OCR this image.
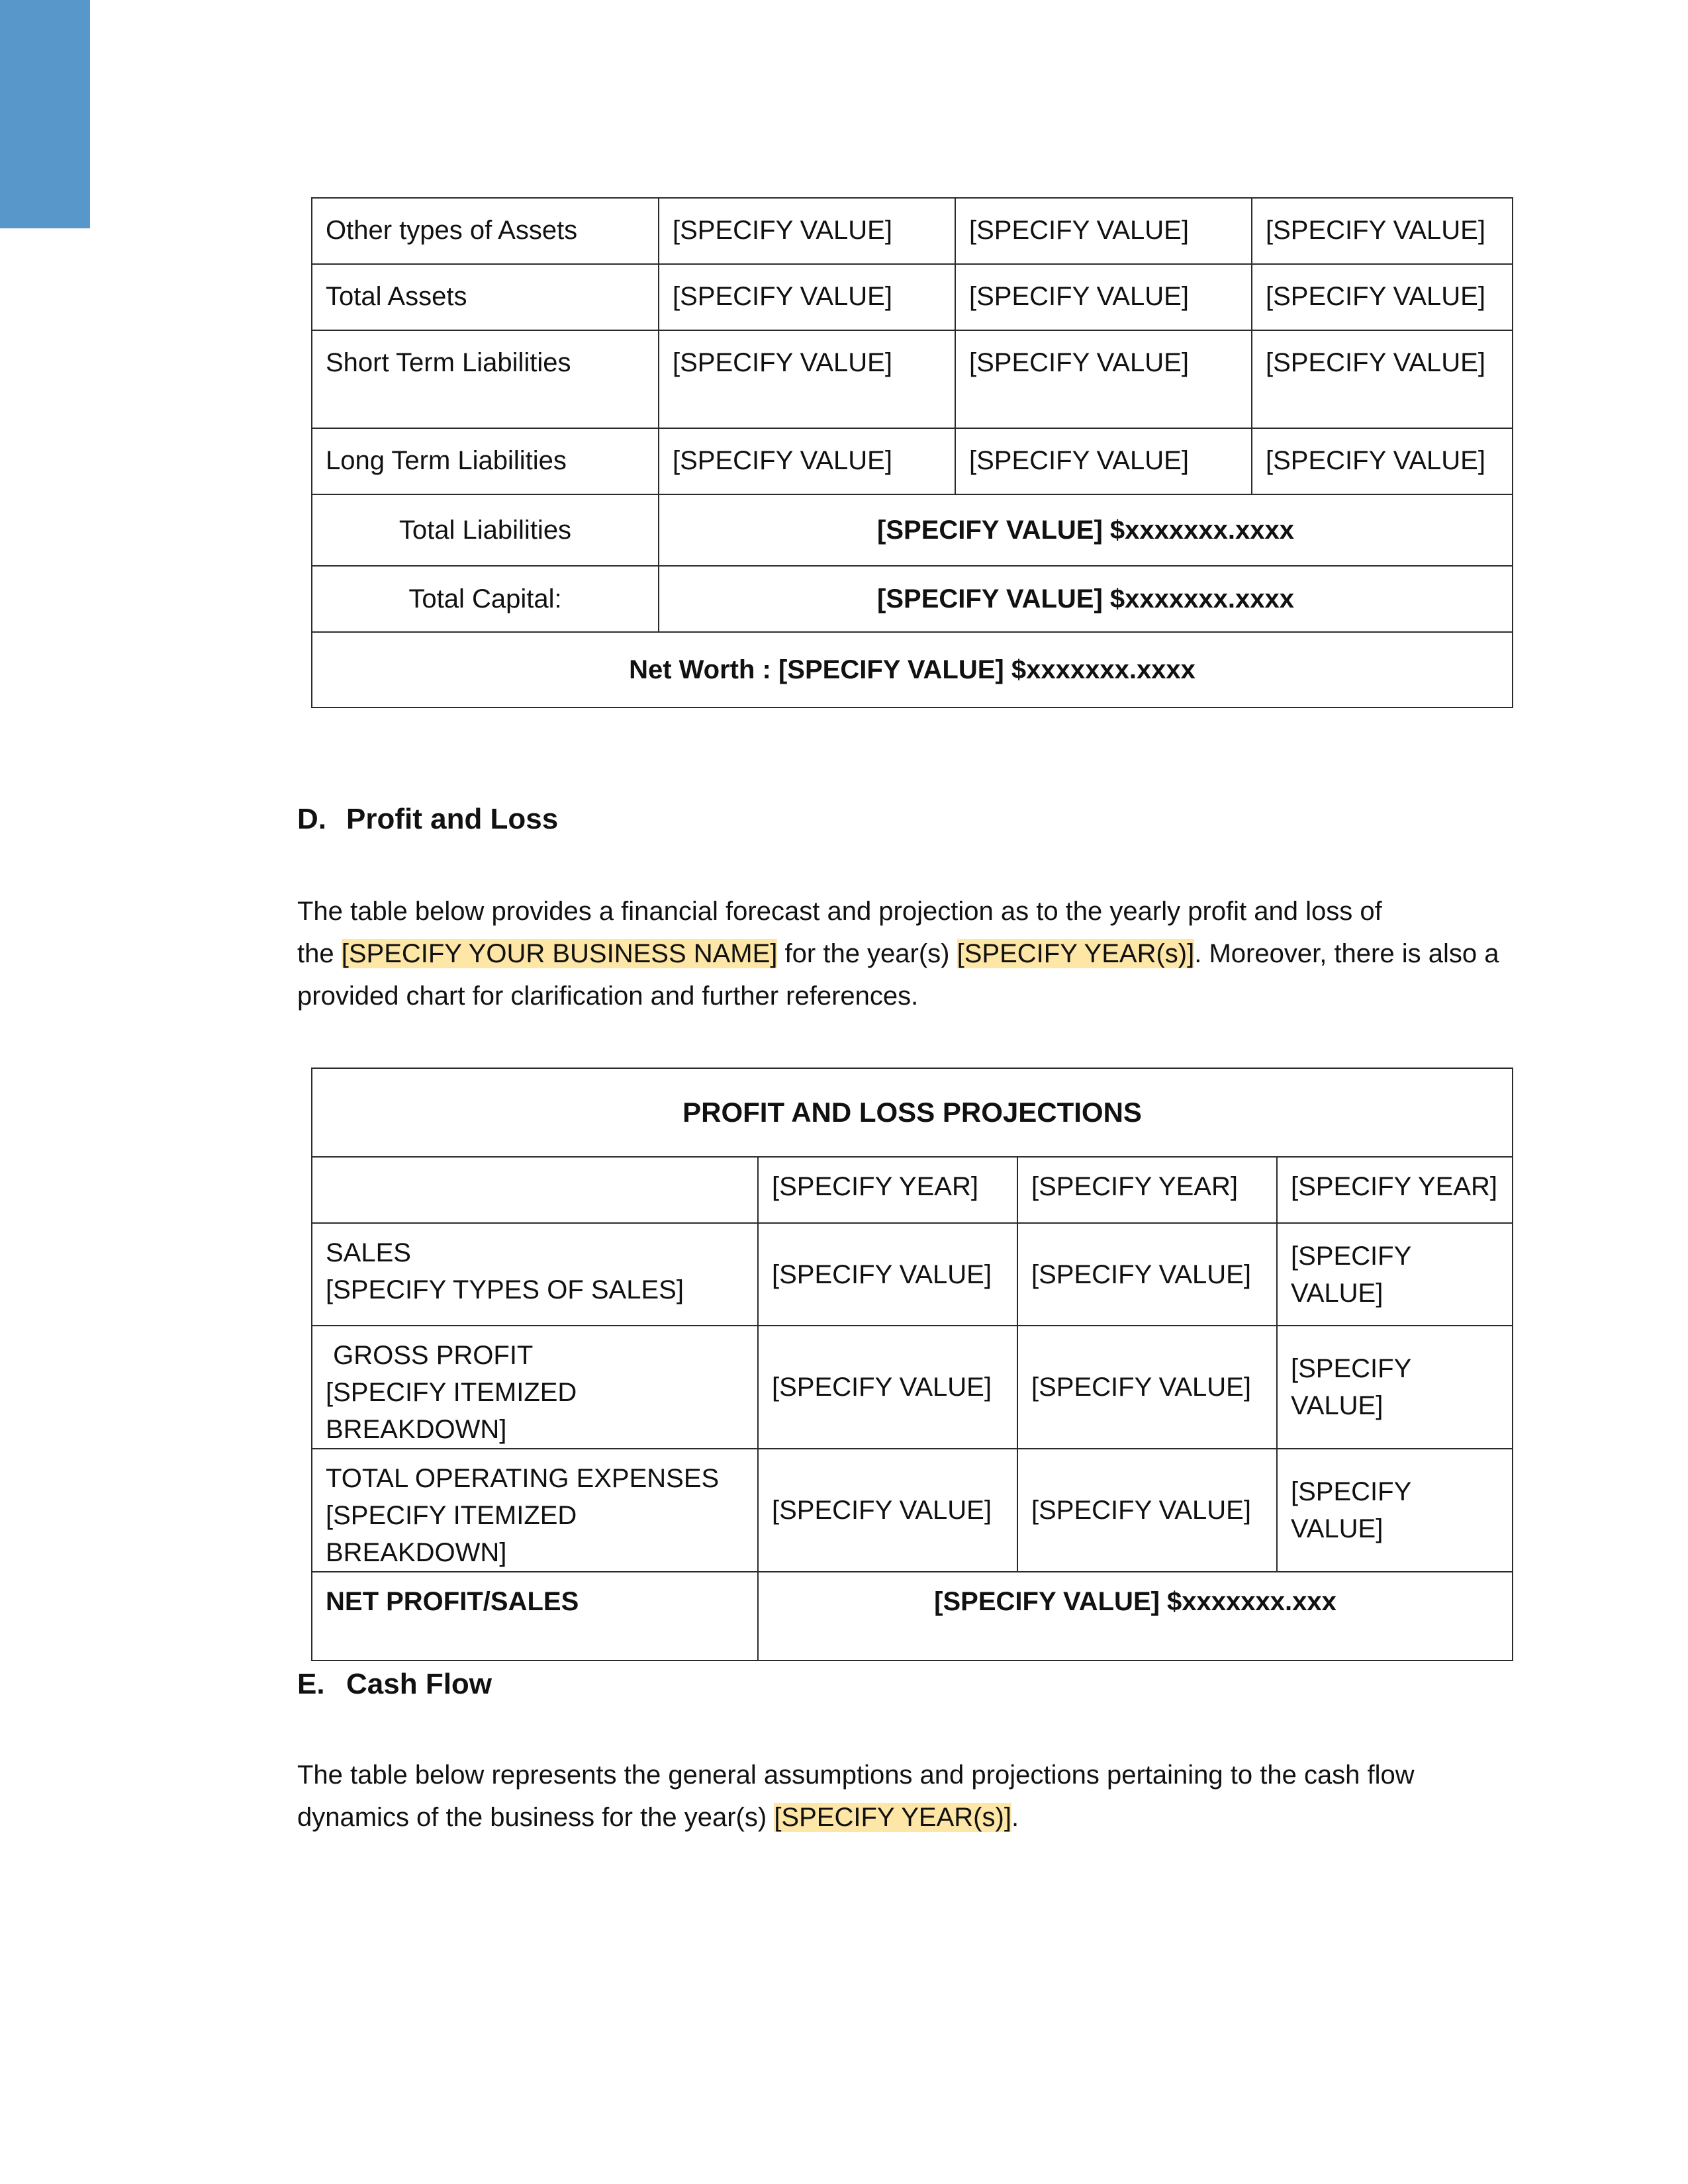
Other types of Assets	[SPECIFY VALUE]	[SPECIFY VALUE]	[SPECIFY VALUE]
Total Assets	[SPECIFY VALUE]	[SPECIFY VALUE]	[SPECIFY VALUE]
Short Term Liabilities	[SPECIFY VALUE]	[SPECIFY VALUE]	[SPECIFY VALUE]
Long Term Liabilities	[SPECIFY VALUE]	[SPECIFY VALUE]	[SPECIFY VALUE]
Total Liabilities	[SPECIFY VALUE] $xxxxxxx.xxxx		
Total Capital:	[SPECIFY VALUE] $xxxxxxx.xxxx		
Net Worth : [SPECIFY VALUE] $xxxxxxx.xxxx			
D. Profit and Loss
The table below provides a financial forecast and projection as to the yearly profit and loss of
the [SPECIFY YOUR BUSINESS NAME] for the year(s) [SPECIFY YEAR(s)]. Moreover, there is also a
provided chart for clarification and further references.
PROFIT AND LOSS PROJECTIONS			
	[SPECIFY YEAR]	[SPECIFY YEAR]	[SPECIFY YEAR]

SALES
[SPECIFY TYPES OF SALES]	[SPECIFY VALUE]	[SPECIFY VALUE]	[SPECIFY VALUE]

GROSS PROFIT
[SPECIFY ITEMIZED BREAKDOWN]	[SPECIFY VALUE]	[SPECIFY VALUE]	[SPECIFY VALUE]

TOTAL OPERATING EXPENSES
[SPECIFY ITEMIZED BREAKDOWN]	[SPECIFY VALUE]	[SPECIFY VALUE]	[SPECIFY VALUE]
NET PROFIT/SALES	[SPECIFY VALUE] $xxxxxxx.xxx		
E. Cash Flow
The table below represents the general assumptions and projections pertaining to the cash flow
dynamics of the business for the year(s) [SPECIFY YEAR(s)].
